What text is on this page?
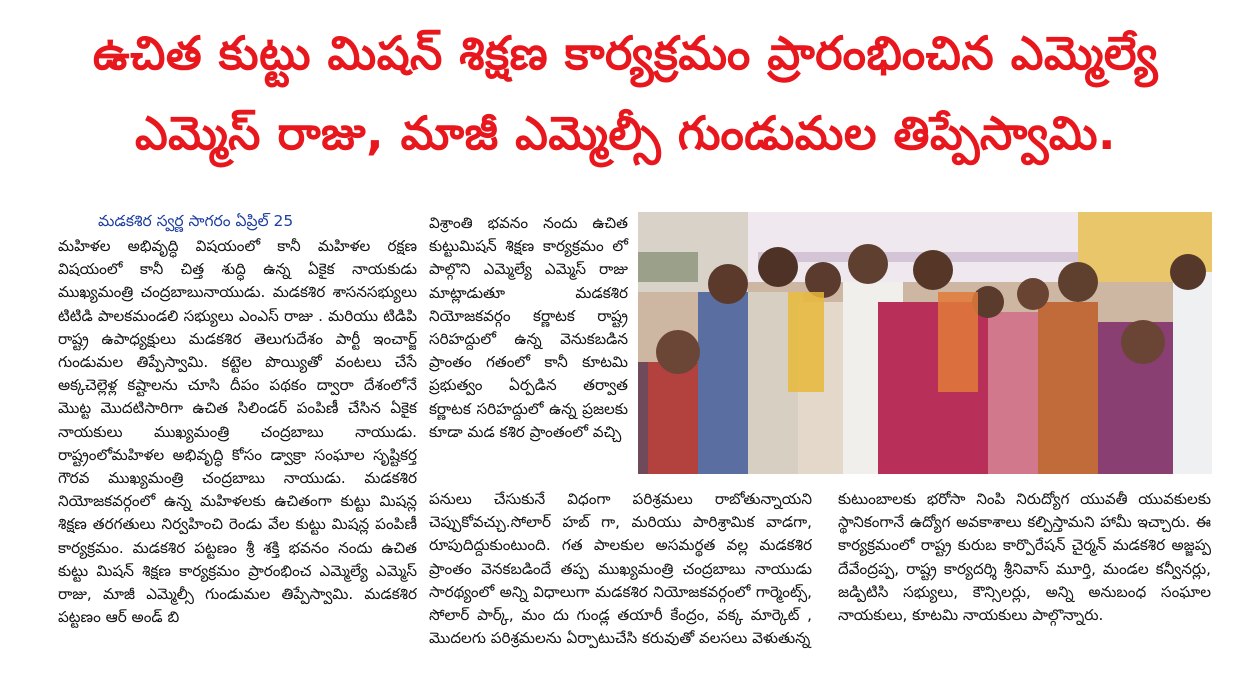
ఉచిత కుట్టు మిషన్ శిక్షణ కార్యక్రమం ప్రారంభించిన ఎమ్మెల్యే
ఎమ్మెస్ రాజు, మాజీ ఎమ్మెల్సీ గుండుమల తిప్పేస్వామి.
మడకశిర స్వర్ణ సాగరం ఏప్రిల్ 25
మహిళల అభివృద్ధి విషయంలో కానీ మహిళల రక్షణ విషయంలో కానీ చిత్త శుద్ధి ఉన్న ఏకైక నాయకుడు ముఖ్యమంత్రి చంద్రబాబునాయుడు. మడకశిర శాసనసభ్యులు టిటిడి పాలకమండలి సభ్యులు ఎంఎస్ రాజు . మరియు టిడిపి రాష్ట్ర ఉపాధ్యక్షులు మడకశిర తెలుగుదేశం పార్టీ ఇంచార్జ్ గుండుమల తిప్పేస్వామి. కట్టెల పొయ్యితో వంటలు చేసే అక్కచెల్లెళ్ల కష్టాలను చూసి దీపం పథకం ద్వారా దేశంలోనే మొట్ట మొదటిసారిగా ఉచిత సిలిండర్ పంపిణీ చేసిన ఏకైక నాయకులు ముఖ్యమంత్రి చంద్రబాబు నాయుడు. రాష్ట్రంలోమహిళల అభివృద్ధి కోసం డ్వాక్రా సంఘాల సృష్టికర్త గౌరవ ముఖ్యమంత్రి చంద్రబాబు నాయుడు. మడకశిర నియోజకవర్గంలో ఉన్న మహిళలకు ఉచితంగా కుట్టు మిషన్ల శిక్షణ తరగతులు నిర్వహించి రెండు వేల కుట్టు మిషన్ల పంపిణీ కార్యక్రమం. మడకశిర పట్టణం శ్రీ శక్తి భవనం నందు ఉచిత కుట్టు మిషన్ శిక్షణ కార్యక్రమం ప్రారంభించ ఎమ్మెల్యే ఎమ్మెస్ రాజు, మాజీ ఎమ్మెల్సీ గుండుమల తిప్పేస్వామి. మడకశిర పట్టణం ఆర్ అండ్ బి
విశ్రాంతి భవనం నందు ఉచిత కుట్టుమిషన్ శిక్షణ కార్యక్రమం లో పాల్గొని ఎమ్మెల్యే ఎమ్మెస్ రాజు మాట్లాడుతూ మడకశిర నియోజకవర్గం కర్ణాటక రాష్ట్ర సరిహద్దులో ఉన్న వెనుకబడిన ప్రాంతం గతంలో కానీ కూటమి ప్రభుత్వం ఏర్పడిన తర్వాత కర్ణాటక సరిహద్దులో ఉన్న ప్రజలకు కూడా మడ కశిర ప్రాంతంలో వచ్చి
పనులు చేసుకునే విధంగా పరిశ్రమలు రాబోతున్నాయని చెప్పుకోవచ్చు.సోలార్ హబ్ గా, మరియు పారిశ్రామిక వాడగా, రూపుదిద్దుకుంటుంది. గత పాలకుల అసమర్థత వల్ల మడకశిర ప్రాంతం వెనకబడిందే తప్ప ముఖ్యమంత్రి చంద్రబాబు నాయుడు సారథ్యంలో అన్ని విధాలుగా మడకశిర నియోజకవర్గంలో గార్మెంట్స్, సోలార్ పార్క్, మం దు గుండ్ల తయారీ కేంద్రం, వక్క మార్కెట్ , మొదలగు పరిశ్రమలను ఏర్పాటుచేసి కరువుతో వలసలు వెళుతున్న
కుటుంబాలకు భరోసా నింపి నిరుద్యోగ యువతీ యువకులకు స్థానికంగానే ఉద్యోగ అవకాశాలు కల్పిస్తామని హామీ ఇచ్చారు. ఈ కార్యక్రమంలో రాష్ట్ర కురుబ కార్పొరేషన్ చైర్మన్ మడకశిర అజ్జప్ప దేవేంద్రప్ప, రాష్ట్ర కార్యదర్శి శ్రీనివాస్ మూర్తి, మండల కన్వీనర్లు, జడ్పిటిసి సభ్యులు, కౌన్సిలర్లు, అన్ని అనుబంధ సంఘాల నాయకులు, కూటమి నాయకులు పాల్గొన్నారు.
